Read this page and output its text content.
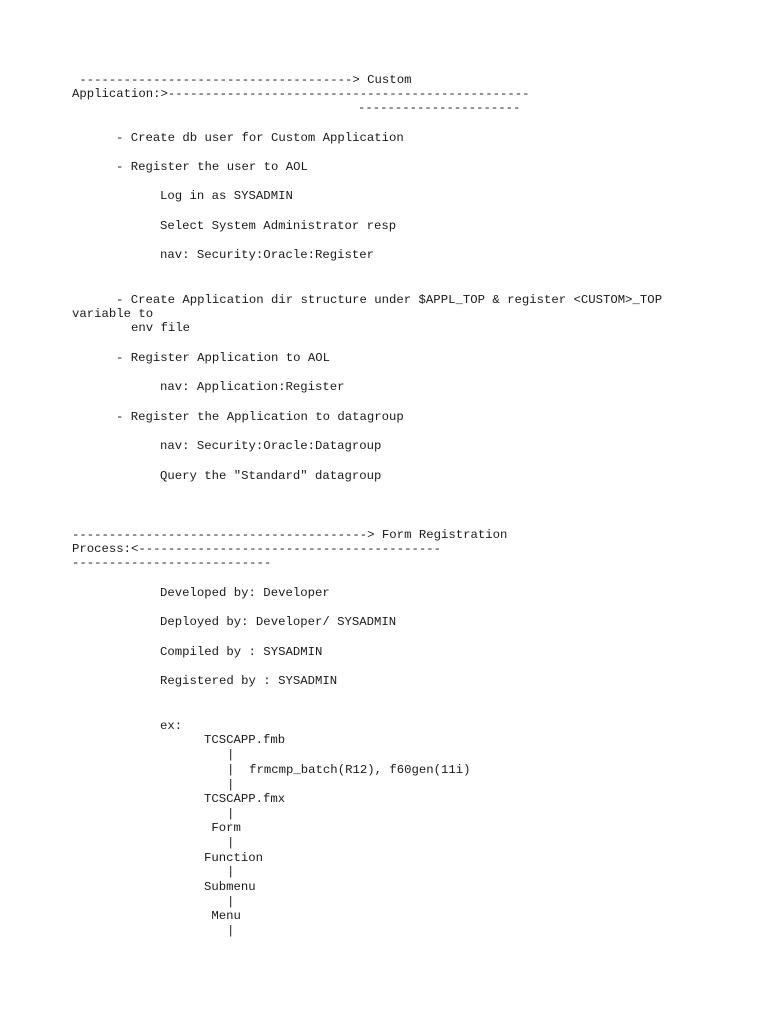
-------------------------------------> Custom
Application:>-------------------------------------------------
----------------------
- Create db user for Custom Application
- Register the user to AOL
Log in as SYSADMIN
Select System Administrator resp
nav: Security:Oracle:Register
- Create Application dir structure under $APPL_TOP & register <CUSTOM>_TOP
variable to
env file
- Register Application to AOL
nav: Application:Register
- Register the Application to datagroup
nav: Security:Oracle:Datagroup
Query the "Standard" datagroup
----------------------------------------> Form Registration
Process:<-----------------------------------------
---------------------------
Developed by: Developer
Deployed by: Developer/ SYSADMIN
Compiled by : SYSADMIN
Registered by : SYSADMIN
ex:
TCSCAPP.fmb
|
|  frmcmp_batch(R12), f60gen(11i)
|
TCSCAPP.fmx
|
Form
|
Function
|
Submenu
|
Menu
|
